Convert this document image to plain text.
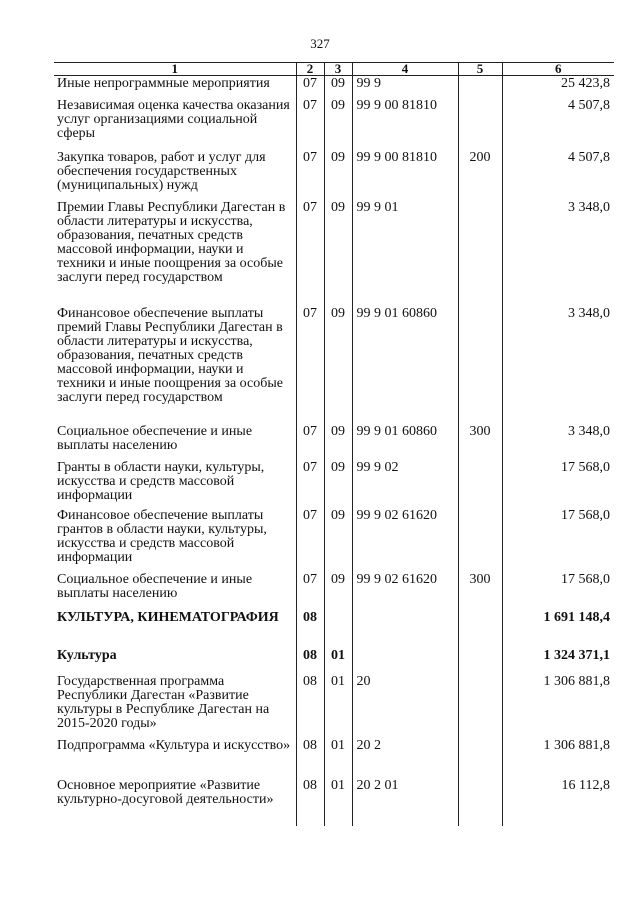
327
1	2	3	4	5	6
Иные непрограммные мероприятия	07	09	99 9		25 423,8
Независимая оценка качества оказания услуг организациями социальной сферы	07	09	99 9 00 81810		4 507,8
Закупка товаров, работ и услуг для обеспечения государственных (муниципальных) нужд	07	09	99 9 00 81810	200	4 507,8
Премии Главы Республики Дагестан в области литературы и искусства, образования, печатных средств массовой информации, науки и техники и иные поощрения за особые заслуги перед государством	07	09	99 9 01		3 348,0
Финансовое обеспечение выплаты премий Главы Республики Дагестан в области литературы и искусства, образования, печатных средств массовой информации, науки и техники и иные поощрения за особые заслуги перед государством	07	09	99 9 01 60860		3 348,0
Социальное обеспечение и иные выплаты населению	07	09	99 9 01 60860	300	3 348,0
Гранты в области науки, культуры, искусства и средств массовой информации	07	09	99 9 02		17 568,0
Финансовое обеспечение выплаты грантов в области науки, культуры, искусства и средств массовой информации	07	09	99 9 02 61620		17 568,0
Социальное обеспечение и иные выплаты населению	07	09	99 9 02 61620	300	17 568,0
КУЛЬТУРА, КИНЕМАТОГРАФИЯ	08				1 691 148,4
Культура	08	01			1 324 371,1
Государственная программа Республики Дагестан «Развитие культуры в Республике Дагестан на 2015-2020 годы»	08	01	20		1 306 881,8
Подпрограмма «Культура и искусство»	08	01	20 2		1 306 881,8
Основное мероприятие «Развитие культурно-досуговой деятельности»	08	01	20 2 01		16 112,8
